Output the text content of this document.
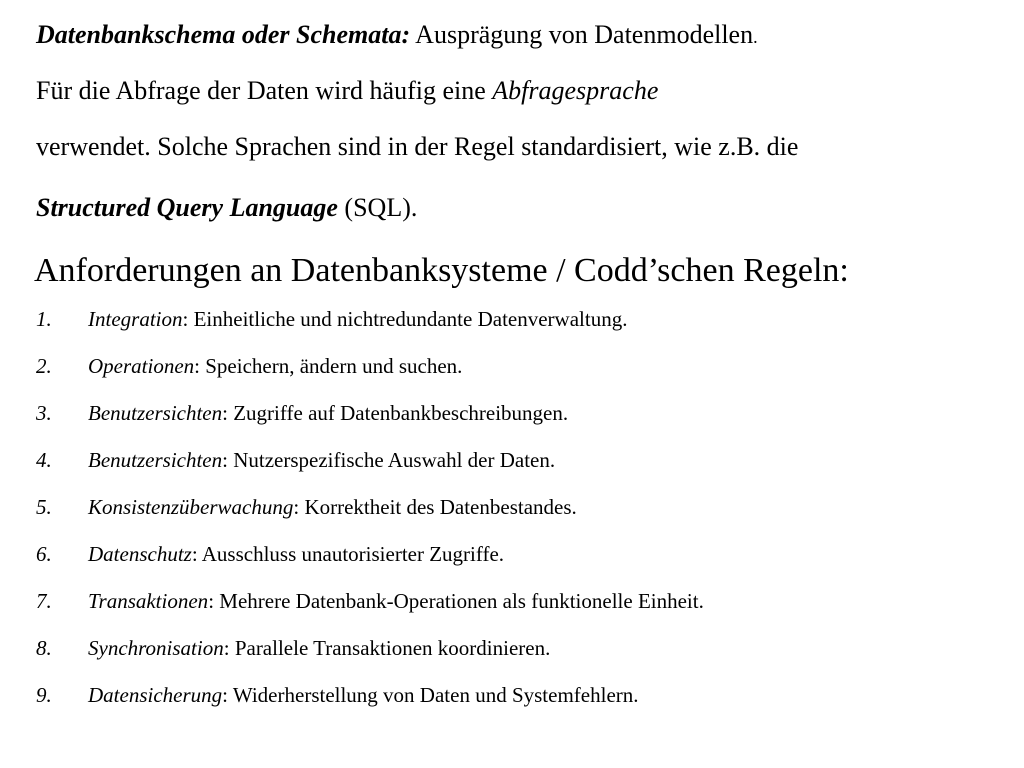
Datenbankschema oder Schemata: Ausprägung von Datenmodellen.
Für die Abfrage der Daten wird häufig eine Abfragesprache
verwendet. Solche Sprachen sind in der Regel standardisiert, wie z.B. die
Structured Query Language (SQL).
Anforderungen an Datenbanksysteme / Codd’schen Regeln:
1. Integration: Einheitliche und nichtredundante Datenverwaltung.
2. Operationen: Speichern, ändern und suchen.
3. Benutzersichten: Zugriffe auf Datenbankbeschreibungen.
4. Benutzersichten: Nutzerspezifische Auswahl der Daten.
5. Konsistenzüberwachung: Korrektheit des Datenbestandes.
6. Datenschutz: Ausschluss unautorisierter Zugriffe.
7. Transaktionen: Mehrere Datenbank-Operationen als funktionelle Einheit.
8. Synchronisation: Parallele Transaktionen koordinieren.
9. Datensicherung: Widerherstellung von Daten und Systemfehlern.
